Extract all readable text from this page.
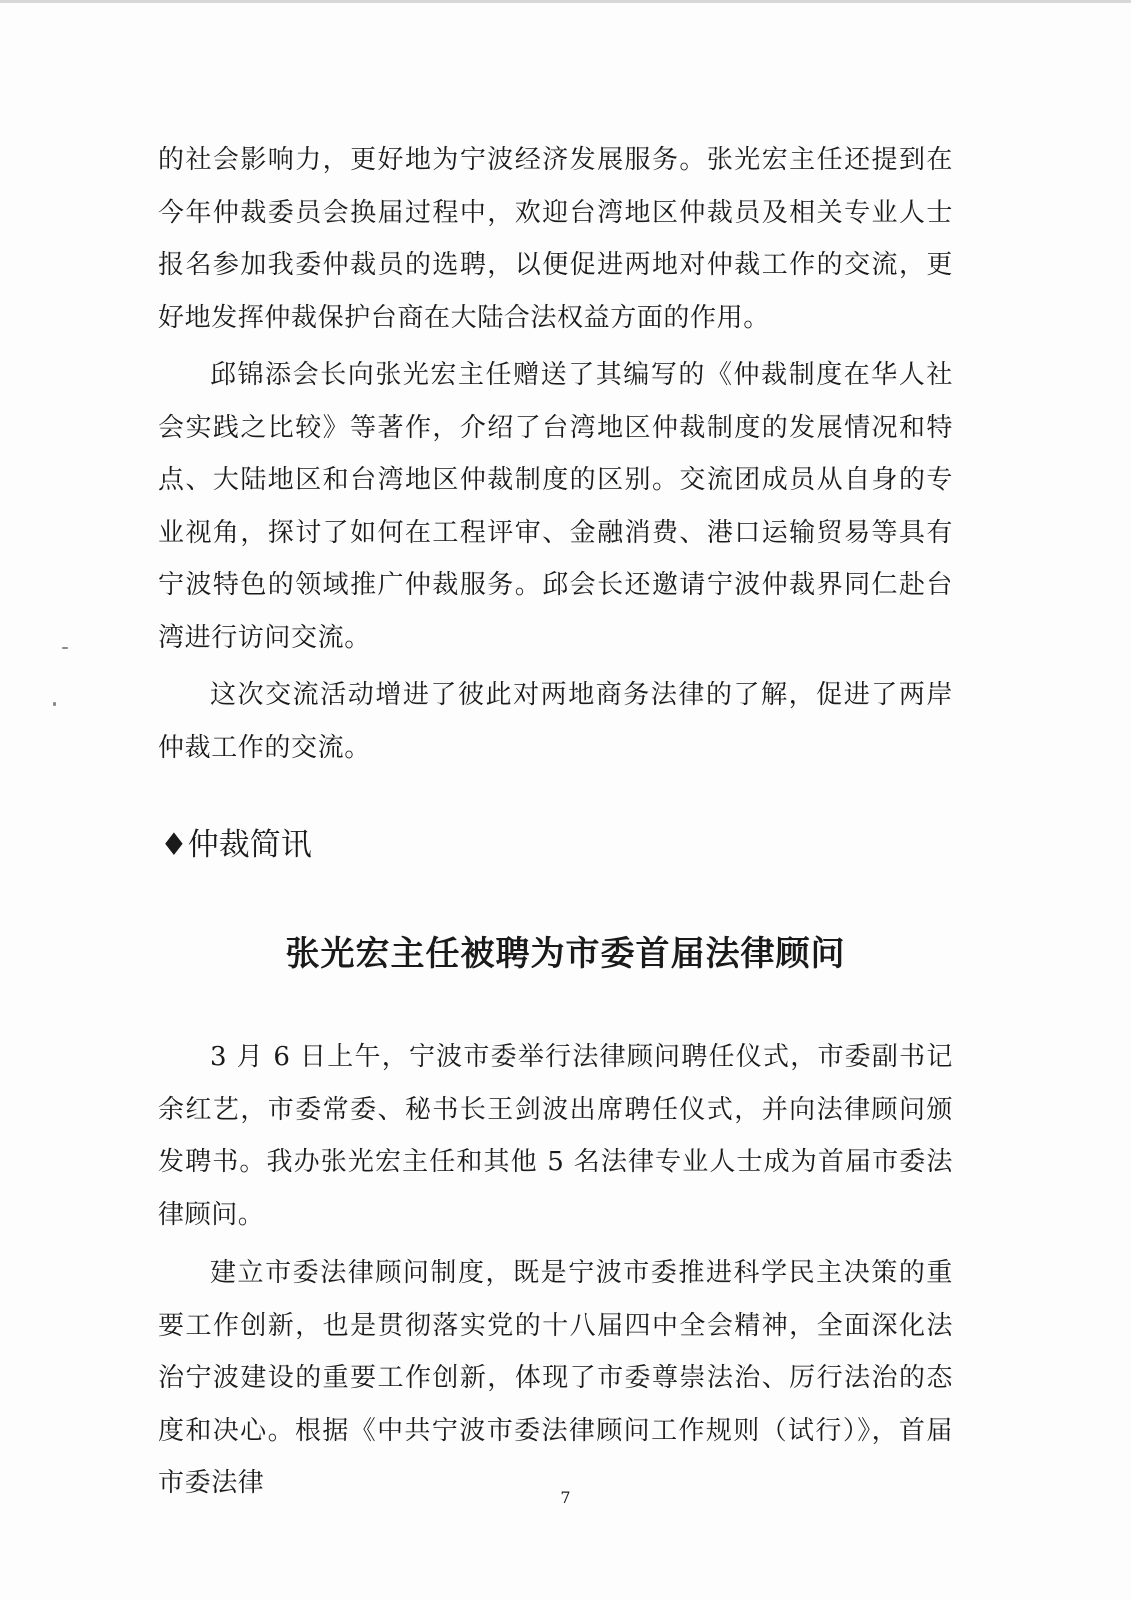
的社会影响力，更好地为宁波经济发展服务。张光宏主任还提到在今年仲裁委员会换届过程中，欢迎台湾地区仲裁员及相关专业人士报名参加我委仲裁员的选聘，以便促进两地对仲裁工作的交流，更好地发挥仲裁保护台商在大陆合法权益方面的作用。

邱锦添会长向张光宏主任赠送了其编写的《仲裁制度在华人社会实践之比较》等著作，介绍了台湾地区仲裁制度的发展情况和特点、大陆地区和台湾地区仲裁制度的区别。交流团成员从自身的专业视角，探讨了如何在工程评审、金融消费、港口运输贸易等具有宁波特色的领域推广仲裁服务。邱会长还邀请宁波仲裁界同仁赴台湾进行访问交流。

这次交流活动增进了彼此对两地商务法律的了解，促进了两岸仲裁工作的交流。

♦仲裁简讯
张光宏主任被聘为市委首届法律顾问

3 月 6 日上午，宁波市委举行法律顾问聘任仪式，市委副书记余红艺，市委常委、秘书长王剑波出席聘任仪式，并向法律顾问颁发聘书。我办张光宏主任和其他 5 名法律专业人士成为首届市委法律顾问。

建立市委法律顾问制度，既是宁波市委推进科学民主决策的重要工作创新，也是贯彻落实党的十八届四中全会精神，全面深化法治宁波建设的重要工作创新，体现了市委尊崇法治、厉行法治的态度和决心。根据《中共宁波市委法律顾问工作规则（试行）》，首届市委法律	7
